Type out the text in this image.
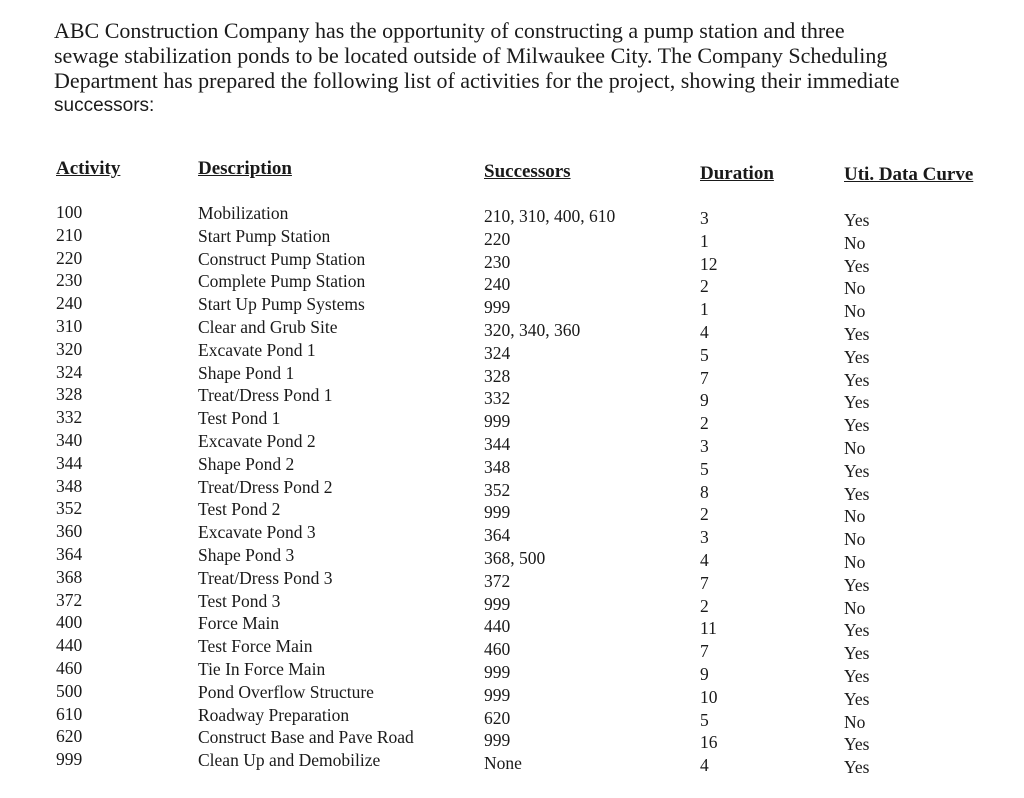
ABC Construction Company has the opportunity of constructing a pump station and three
sewage stabilization ponds to be located outside of Milwaukee City. The Company Scheduling
Department has prepared the following list of activities for the project, showing their immediate
successors:

Activity	Description	Successors	Duration	Uti. Data Curve
100	Mobilization	210, 310, 400, 610	3	Yes
210	Start Pump Station	220	1	No
220	Construct Pump Station	230	12	Yes
230	Complete Pump Station	240	2	No
240	Start Up Pump Systems	999	1	No
310	Clear and Grub Site	320, 340, 360	4	Yes
320	Excavate Pond 1	324	5	Yes
324	Shape Pond 1	328	7	Yes
328	Treat/Dress Pond 1	332	9	Yes
332	Test Pond 1	999	2	Yes
340	Excavate Pond 2	344	3	No
344	Shape Pond 2	348	5	Yes
348	Treat/Dress Pond 2	352	8	Yes
352	Test Pond 2	999	2	No
360	Excavate Pond 3	364	3	No
364	Shape Pond 3	368, 500	4	No
368	Treat/Dress Pond 3	372	7	Yes
372	Test Pond 3	999	2	No
400	Force Main	440	11	Yes
440	Test Force Main	460	7	Yes
460	Tie In Force Main	999	9	Yes
500	Pond Overflow Structure	999	10	Yes
610	Roadway Preparation	620	5	No
620	Construct Base and Pave Road	999	16	Yes
999	Clean Up and Demobilize	None	4	Yes
